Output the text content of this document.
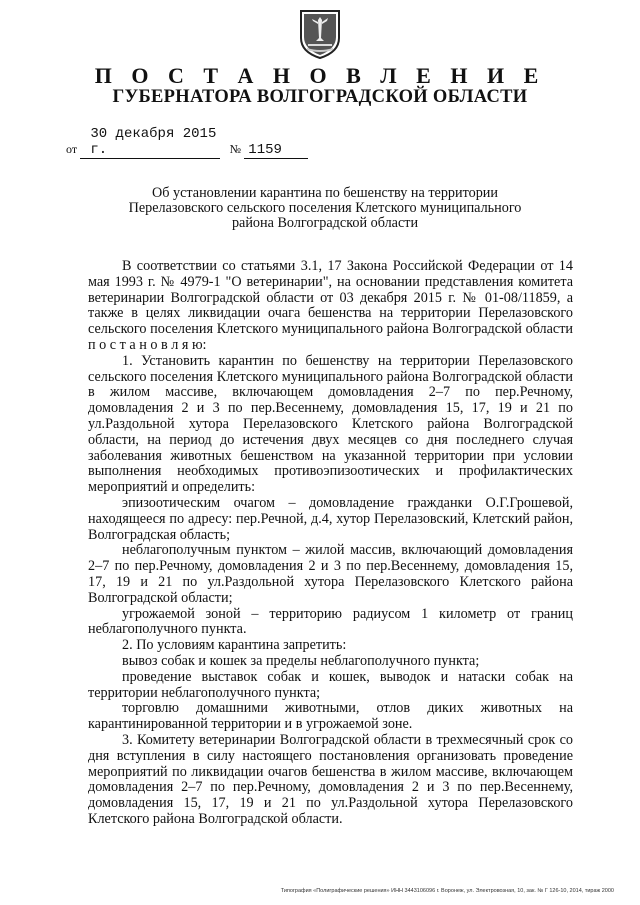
П О С Т А Н О В Л Е Н И Е
ГУБЕРНАТОРА ВОЛГОГРАДСКОЙ ОБЛАСТИ
от 30 декабря 2015 г.	№ 1159
Об установлении карантина по бешенству на территории
Перелазовского сельского поселения Клетского муниципального
района Волгоградской области

В соответствии со статьями 3.1, 17 Закона Российской Федерации от 14 мая 1993 г. № 4979-1 "О ветеринарии", на основании представления комитета ветеринарии Волгоградской области от 03 декабря 2015 г. № 01-08/11859, а также в целях ликвидации очага бешенства на территории Перелазовского сельского поселения Клетского муниципального района Волгоградской области п о с т а н о в л я ю:

1. Установить карантин по бешенству на территории Перелазовского сельского поселения Клетского муниципального района Волгоградской области в жилом массиве, включающем домовладения 2–7 по пер.Речному, домовладения 2 и 3 по пер.Весеннему, домовладения 15, 17, 19 и 21 по ул.Раздольной хутора Перелазовского Клетского района Волгоградской области, на период до истечения двух месяцев со дня последнего случая заболевания животных бешенством на указанной территории при условии выполнения необходимых противоэпизоотических и профилактических мероприятий и определить:

эпизоотическим очагом – домовладение гражданки О.Г.Грошевой, находящееся по адресу: пер.Речной, д.4, хутор Перелазовский, Клетский район, Волгоградская область;

неблагополучным пунктом – жилой массив, включающий домовладения 2–7 по пер.Речному, домовладения 2 и 3 по пер.Весеннему, домовладения 15, 17, 19 и 21 по ул.Раздольной хутора Перелазовского Клетского района Волгоградской области;

угрожаемой зоной – территорию радиусом 1 километр от границ неблагополучного пункта.

2. По условиям карантина запретить:

вывоз собак и кошек за пределы неблагополучного пункта;

проведение выставок собак и кошек, выводок и натаски собак на территории неблагополучного пункта;

торговлю домашними животными, отлов диких животных на карантинированной территории и в угрожаемой зоне.

3. Комитету ветеринарии Волгоградской области в трехмесячный срок со дня вступления в силу настоящего постановления организовать проведение мероприятий по ликвидации очагов бешенства в жилом массиве, включающем домовладения 2–7 по пер.Речному, домовладения 2 и 3 по пер.Весеннему, домовладения 15, 17, 19 и 21 по ул.Раздольной хутора Перелазовского Клетского района Волгоградской области.

Типография «Полиграфические решения» ИНН 3443106096 г. Воронеж, ул. Электровозная, 10, зак. № Г 126-10, 2014, тираж 2000
